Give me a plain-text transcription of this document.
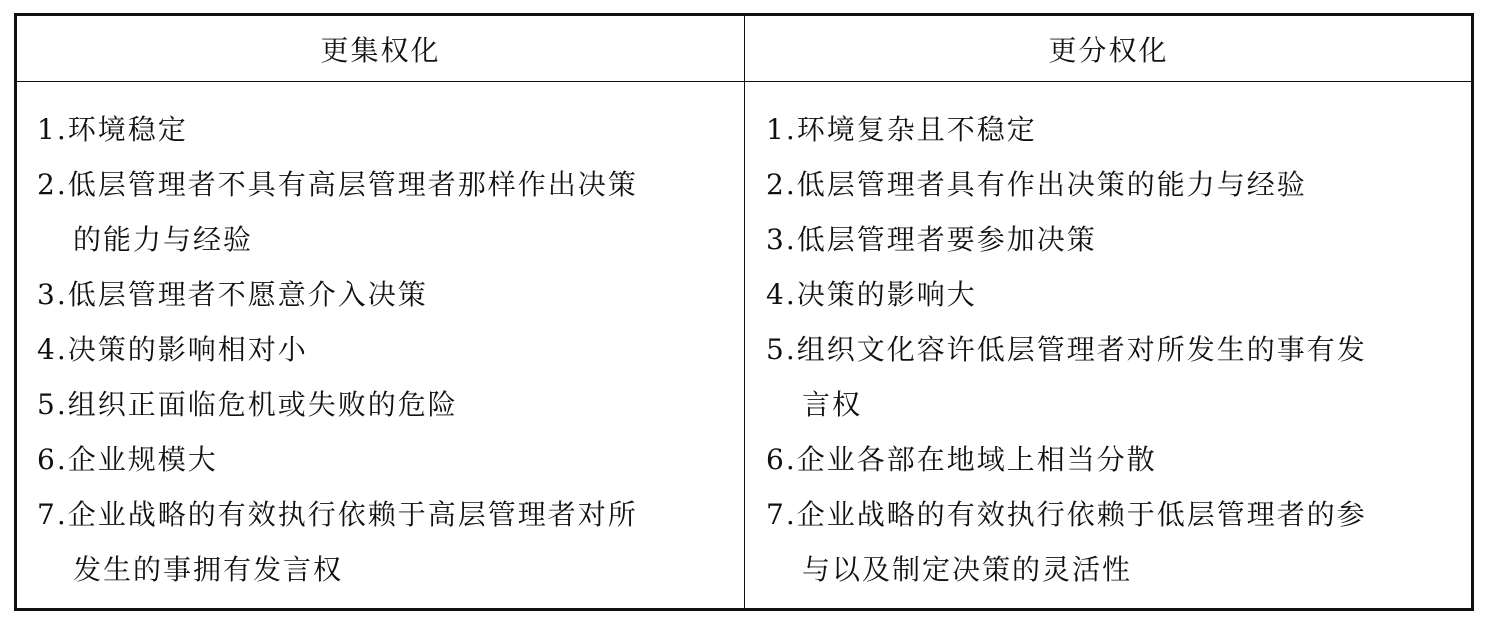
更集权化	更分权化
1.环境稳定
2.低层管理者不具有高层管理者那样作出决策
的能力与经验
3.低层管理者不愿意介入决策
4.决策的影响相对小
5.组织正面临危机或失败的危险
6.企业规模大
7.企业战略的有效执行依赖于高层管理者对所
发生的事拥有发言权
1.环境复杂且不稳定
2.低层管理者具有作出决策的能力与经验
3.低层管理者要参加决策
4.决策的影响大
5.组织文化容许低层管理者对所发生的事有发
言权
6.企业各部在地域上相当分散
7.企业战略的有效执行依赖于低层管理者的参
与以及制定决策的灵活性
